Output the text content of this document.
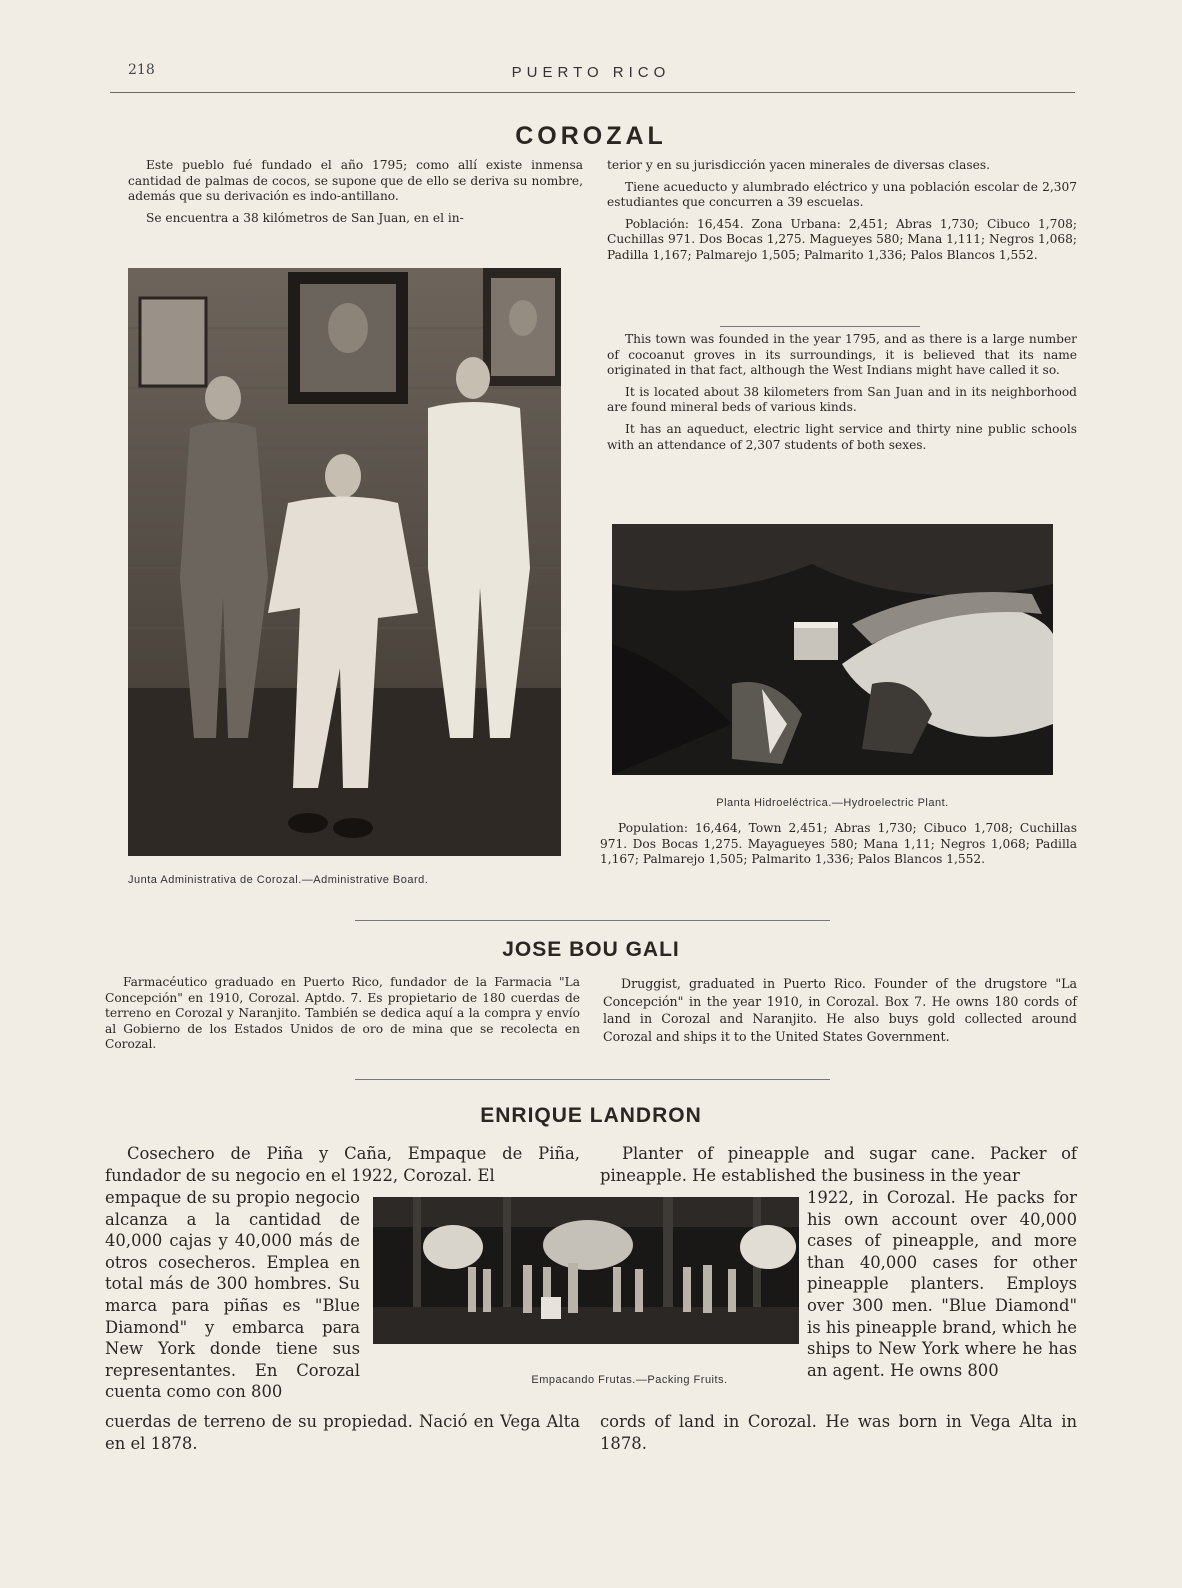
218	PUERTO RICO
COROZAL

Este pueblo fué fundado el año 1795; como allí existe inmensa cantidad de palmas de cocos, se supone que de ello se deriva su nombre, además que su derivación es indo-antillano.

Se encuentra a 38 kilómetros de San Juan, en el in-

terior y en su jurisdicción yacen minerales de diversas clases.

Tiene acueducto y alumbrado eléctrico y una población escolar de 2,307 estudiantes que concurren a 39 escuelas.

Población: 16,454. Zona Urbana: 2,451; Abras 1,730; Cibuco 1,708; Cuchillas 971. Dos Bocas 1,275. Magueyes 580; Mana 1,111; Negros 1,068; Padilla 1,167; Palmarejo 1,505; Palmarito 1,336; Palos Blancos 1,552.

This town was founded in the year 1795, and as there is a large number of cocoanut groves in its surroundings, it is believed that its name originated in that fact, although the West Indians might have called it so.

It is located about 38 kilometers from San Juan and in its neighborhood are found mineral beds of various kinds.

It has an aqueduct, electric light service and thirty nine public schools with an attendance of 2,307 students of both sexes.

Junta Administrativa de Corozal.—Administrative Board.
Planta Hidroeléctrica.—Hydroelectric Plant.

Population: 16,464, Town 2,451; Abras 1,730; Cibuco 1,708; Cuchillas 971. Dos Bocas 1,275. Mayagueyes 580; Mana 1,11; Negros 1,068; Padilla 1,167; Palmarejo 1,505; Palmarito 1,336; Palos Blancos 1,552.

JOSE BOU GALI

Farmacéutico graduado en Puerto Rico, fundador de la Farmacia "La Concepción" en 1910, Corozal. Aptdo. 7. Es propietario de 180 cuerdas de terreno en Corozal y Naranjito. También se dedica aquí a la compra y envío al Gobierno de los Estados Unidos de oro de mina que se recolecta en Corozal.

Druggist, graduated in Puerto Rico. Founder of the drugstore "La Concepción" in the year 1910, in Corozal. Box 7. He owns 180 cords of land in Corozal and Naranjito. He also buys gold collected around Corozal and ships it to the United States Government.

ENRIQUE LANDRON
Cosechero de Piña y Caña, Empaque de Piña, fundador de su negocio en el 1922, Corozal. El
empaque de su propio negocio alcanza a la cantidad de 40,000 cajas y 40,000 más de otros cosecheros. Emplea en total más de 300 hombres. Su marca para piñas es "Blue Diamond" y embarca para New York donde tiene sus representantes. En Corozal cuenta como con 800
cuerdas de terreno de su propiedad. Nació en Vega Alta en el 1878.
Planter of pineapple and sugar cane. Packer of pineapple. He established the business in the year
1922, in Corozal. He packs for his own account over 40,000 cases of pineapple, and more than 40,000 cases for other pineapple planters. Employs over 300 men. "Blue Diamond" is his pineapple brand, which he ships to New York where he has an agent. He owns 800
cords of land in Corozal. He was born in Vega Alta in 1878.
Empacando Frutas.—Packing Fruits.
